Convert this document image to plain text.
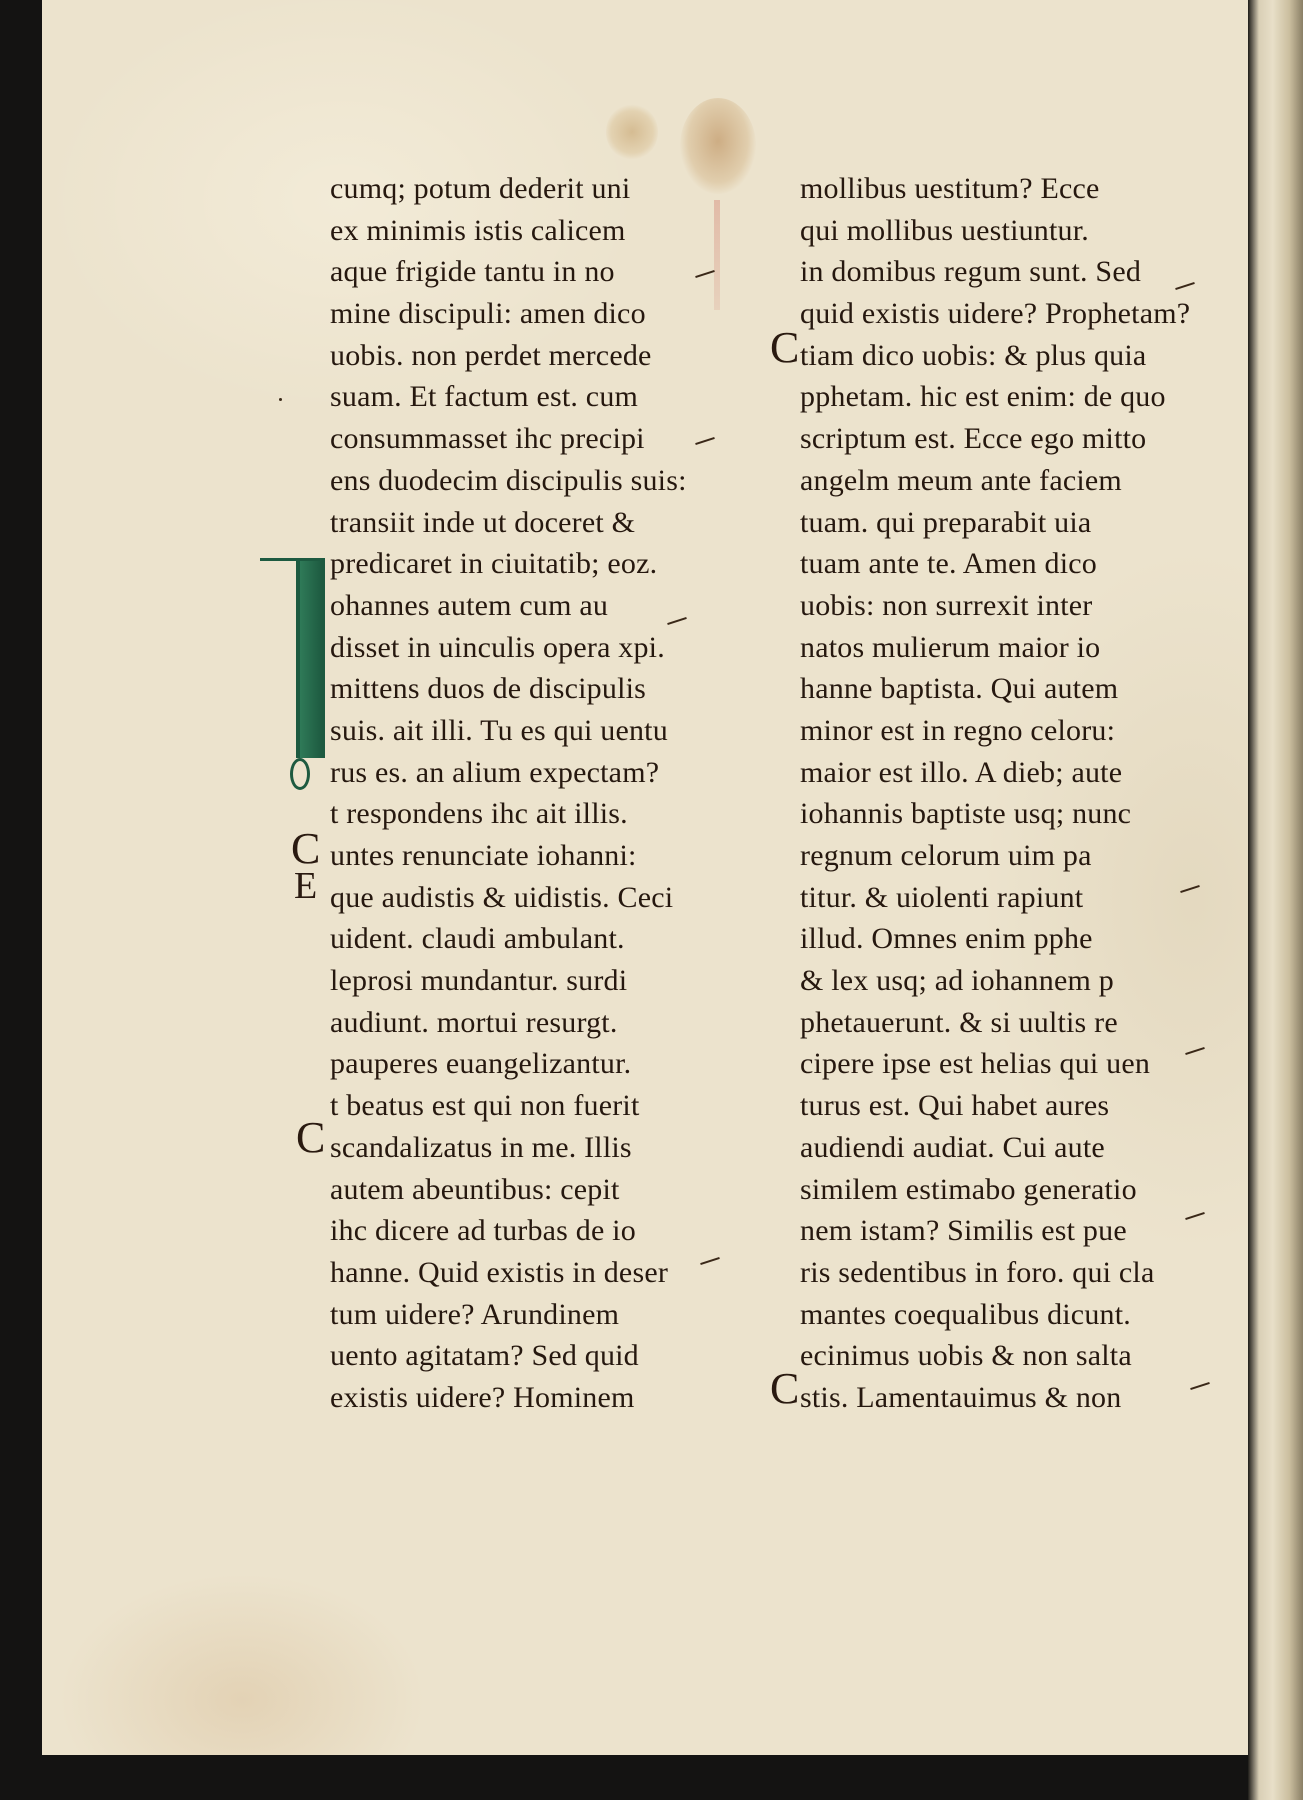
C
E
C
C
C
cumq; potum dederit uni
ex minimis istis calicem
aque frigide tantu in no
mine discipuli: amen dico
uobis. non perdet mercede
suam. Et factum est. cum
consummasset ihc precipi
ens duodecim discipulis suis:
transiit inde ut doceret &
predicaret in ciuitatib; eoz.
ohannes autem cum au
disset in uinculis opera xpi.
mittens duos de discipulis
suis. ait illi. Tu es qui uentu
rus es. an alium expectam?
t respondens ihc ait illis.
untes renunciate iohanni:
que audistis & uidistis. Ceci
uident. claudi ambulant.
leprosi mundantur. surdi
audiunt. mortui resurgt.
pauperes euangelizantur.
t beatus est qui non fuerit
scandalizatus in me. Illis
autem abeuntibus: cepit
ihc dicere ad turbas de io
hanne. Quid existis in deser
tum uidere? Arundinem
uento agitatam? Sed quid
existis uidere? Hominem
mollibus uestitum? Ecce
qui mollibus uestiuntur.
in domibus regum sunt. Sed
quid existis uidere? Prophetam?
tiam dico uobis: & plus quia
pphetam. hic est enim: de quo
scriptum est. Ecce ego mitto
angelm meum ante faciem
tuam. qui preparabit uia
tuam ante te. Amen dico
uobis: non surrexit inter
natos mulierum maior io
hanne baptista. Qui autem
minor est in regno celoru:
maior est illo. A dieb; aute
iohannis baptiste usq; nunc
regnum celorum uim pa
titur. & uiolenti rapiunt
illud. Omnes enim pphe
& lex usq; ad iohannem p
phetauerunt. & si uultis re
cipere ipse est helias qui uen
turus est. Qui habet aures
audiendi audiat. Cui aute
similem estimabo generatio
nem istam? Similis est pue
ris sedentibus in foro. qui cla
mantes coequalibus dicunt.
ecinimus uobis & non salta
stis. Lamentauimus & non
